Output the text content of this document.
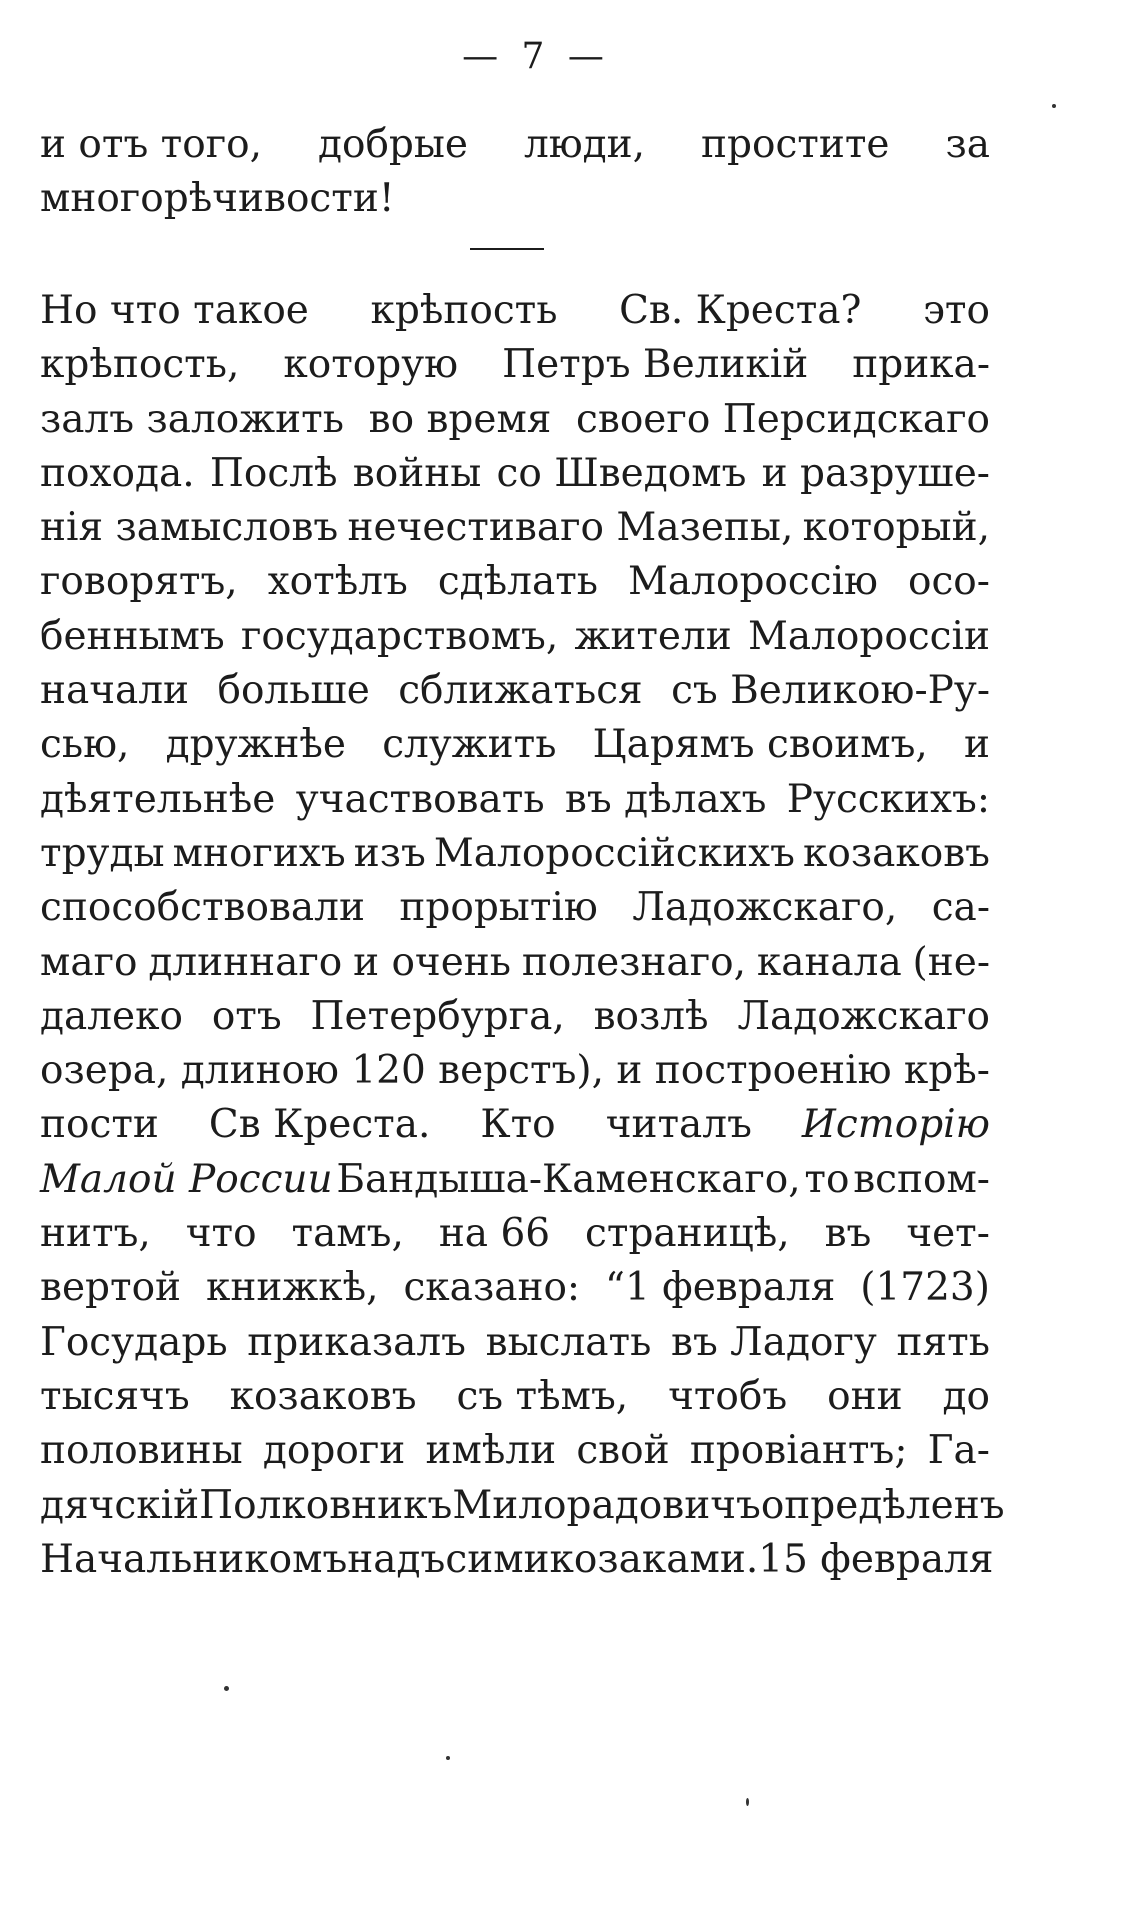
— 7 —
и отъ того, добрые люди, простите за
многорѣчивости!
Но что такое крѣпость Св. Креста? это
крѣпость, которую Петръ Великій прика-
залъ заложить во время своего Персидскаго
похода. Послѣ войны со Шведомъ и разруше-
нія замысловъ нечестиваго Мазепы, который,
говорятъ, хотѣлъ сдѣлать Малороссію осо-
беннымъ государствомъ, жители Малороссіи
начали больше сближаться съ Великою-Ру-
сью, дружнѣе служить Царямъ своимъ, и
дѣятельнѣе участвовать въ дѣлахъ Русскихъ:
труды многихъ изъ Малороссійскихъ козаковъ
способствовали прорытію Ладожскаго, са-
маго длиннаго и очень полезнаго, канала (не-
далеко отъ Петербурга, возлѣ Ладожскаго
озера, длиною 120 верстъ), и построенію крѣ-
пости Св Креста. Кто читалъ Исторію
Малой России Бандыша-Каменскаго, то вспом-
нитъ, что тамъ, на 66 страницѣ, въ чет-
вертой книжкѣ, сказано: “1 февраля (1723)
Государь приказалъ выслать въ Ладогу пять
тысячъ козаковъ съ тѣмъ, чтобъ они до
половины дороги имѣли свой провіантъ; Га-
дячскій Полковникъ Милорадовичъ опредѣленъ
Начальникомъ надъ сими козаками. 15 февраля
